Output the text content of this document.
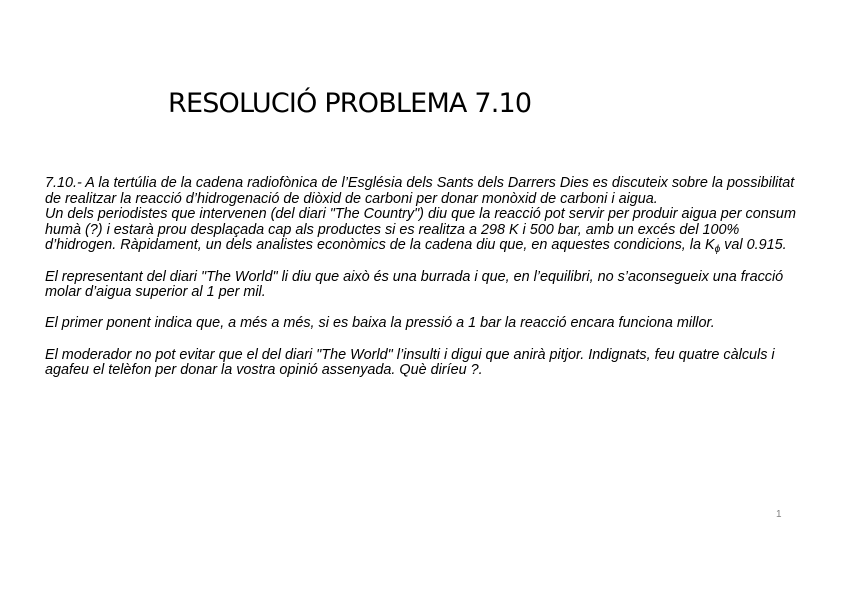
RESOLUCIÓ PROBLEMA 7.10

7.10.- A la tertúlia de la cadena radiofònica de l’Església dels Sants dels Darrers Dies es discuteix sobre la possibilitat de realitzar la reacció d’hidrogenació de diòxid de carboni per donar monòxid de carboni i aigua.

Un dels periodistes que intervenen (del diari "The Country") diu que la reacció pot servir per produir aigua per consum humà (?) i estarà prou desplaçada cap als productes si es realitza a 298 K i 500 bar, amb un excés del 100% d’hidrogen. Ràpidament, un dels analistes econòmics de la cadena diu que, en aquestes condicions, la $K_\phi$ val 0.915.

El representant del diari "The World" li diu que això és una burrada i que, en l’equilibri, no s’aconsegueix una fracció molar d’aigua superior al 1 per mil.

El primer ponent indica que, a més a més, si es baixa la pressió a 1 bar la reacció encara funciona millor.

El moderador no pot evitar que el del diari "The World" l’insulti i digui que anirà pitjor. Indignats, feu quatre càlculs i agafeu el telèfon per donar la vostra opinió assenyada. Què diríeu ?.

1
